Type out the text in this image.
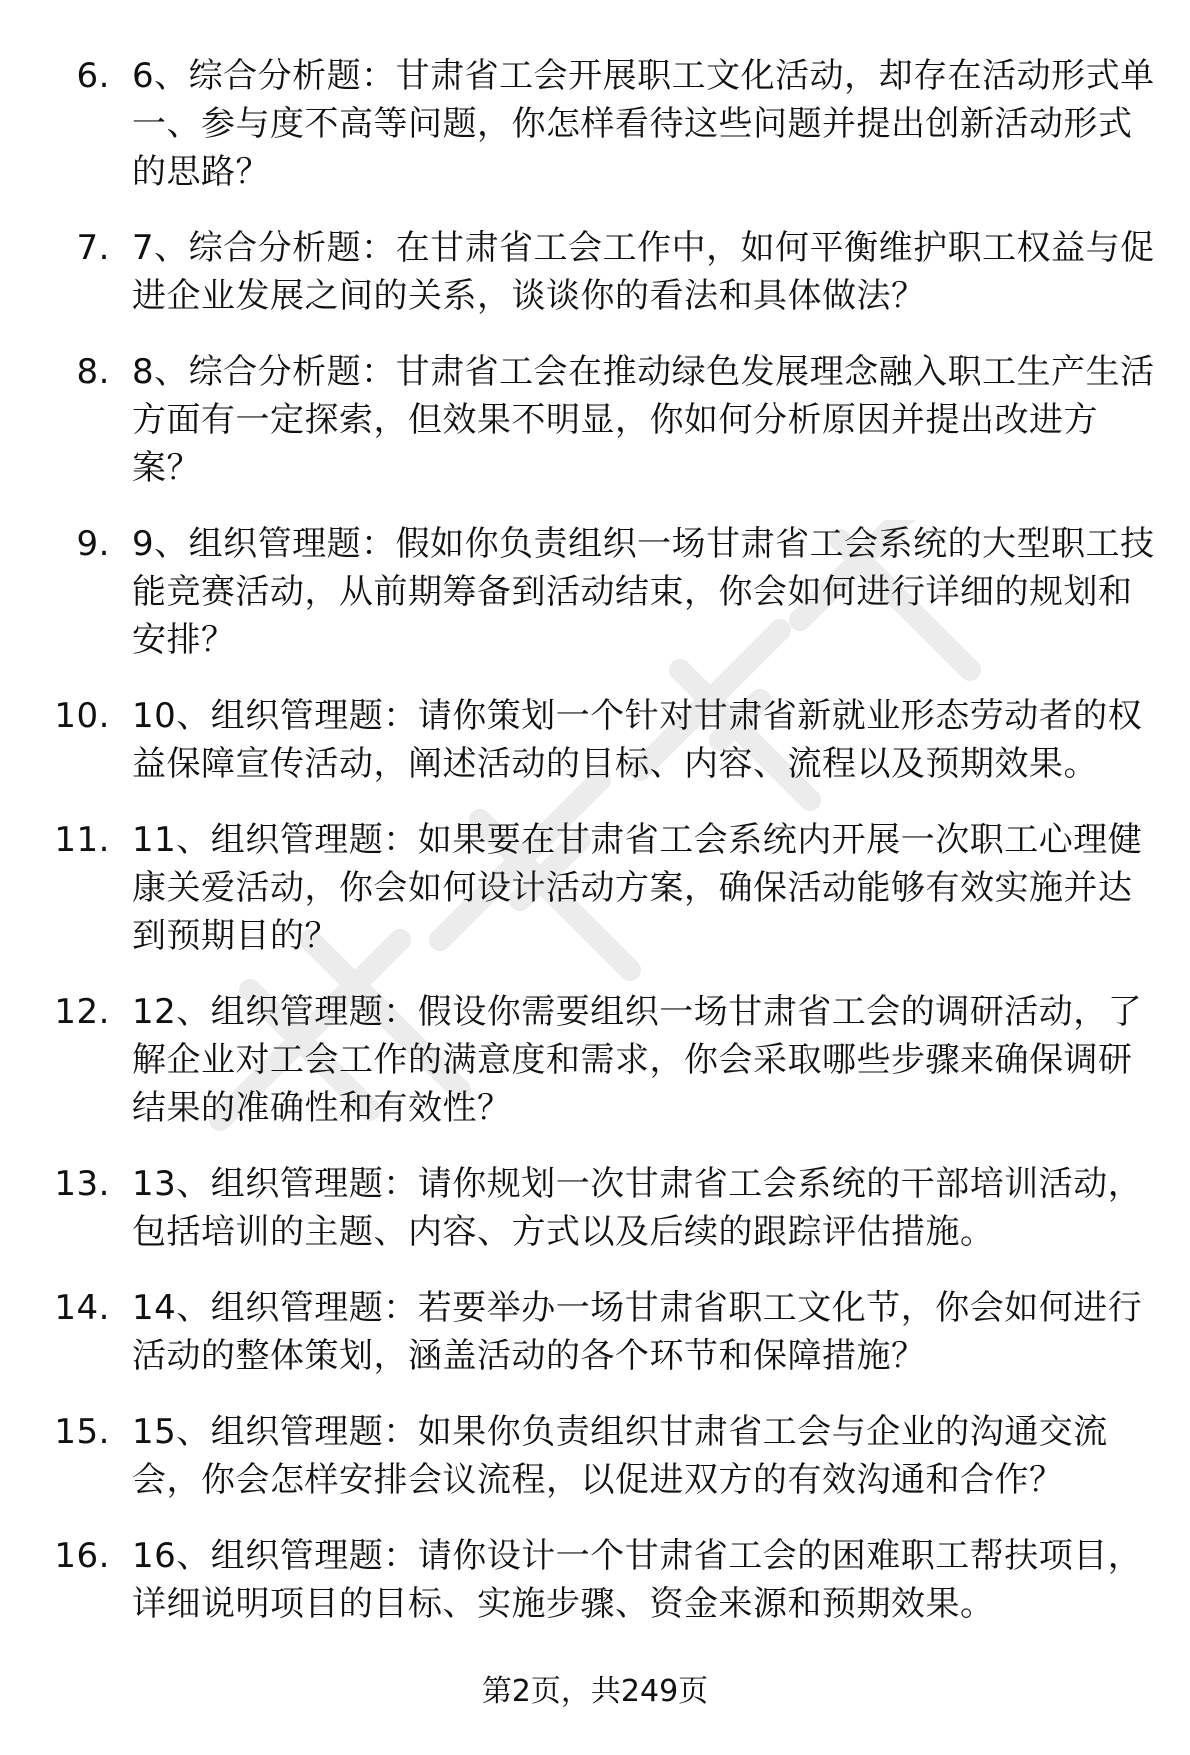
6. 6、综合分析题：甘肃省工会开展职工文化活动，却存在活动形式单一、参与度不高等问题，你怎样看待这些问题并提出创新活动形式的思路？
7. 7、综合分析题：在甘肃省工会工作中，如何平衡维护职工权益与促进企业发展之间的关系，谈谈你的看法和具体做法？
8. 8、综合分析题：甘肃省工会在推动绿色发展理念融入职工生产生活方面有一定探索，但效果不明显，你如何分析原因并提出改进方案？
9. 9、组织管理题：假如你负责组织一场甘肃省工会系统的大型职工技能竞赛活动，从前期筹备到活动结束，你会如何进行详细的规划和安排？
10. 10、组织管理题：请你策划一个针对甘肃省新就业形态劳动者的权益保障宣传活动，阐述活动的目标、内容、流程以及预期效果。
11. 11、组织管理题：如果要在甘肃省工会系统内开展一次职工心理健康关爱活动，你会如何设计活动方案，确保活动能够有效实施并达到预期目的？
12. 12、组织管理题：假设你需要组织一场甘肃省工会的调研活动，了解企业对工会工作的满意度和需求，你会采取哪些步骤来确保调研结果的准确性和有效性？
13. 13、组织管理题：请你规划一次甘肃省工会系统的干部培训活动，包括培训的主题、内容、方式以及后续的跟踪评估措施。
14. 14、组织管理题：若要举办一场甘肃省职工文化节，你会如何进行活动的整体策划，涵盖活动的各个环节和保障措施？
15. 15、组织管理题：如果你负责组织甘肃省工会与企业的沟通交流会，你会怎样安排会议流程，以促进双方的有效沟通和合作？
16. 16、组织管理题：请你设计一个甘肃省工会的困难职工帮扶项目，详细说明项目的目标、实施步骤、资金来源和预期效果。
第2页，共249页
